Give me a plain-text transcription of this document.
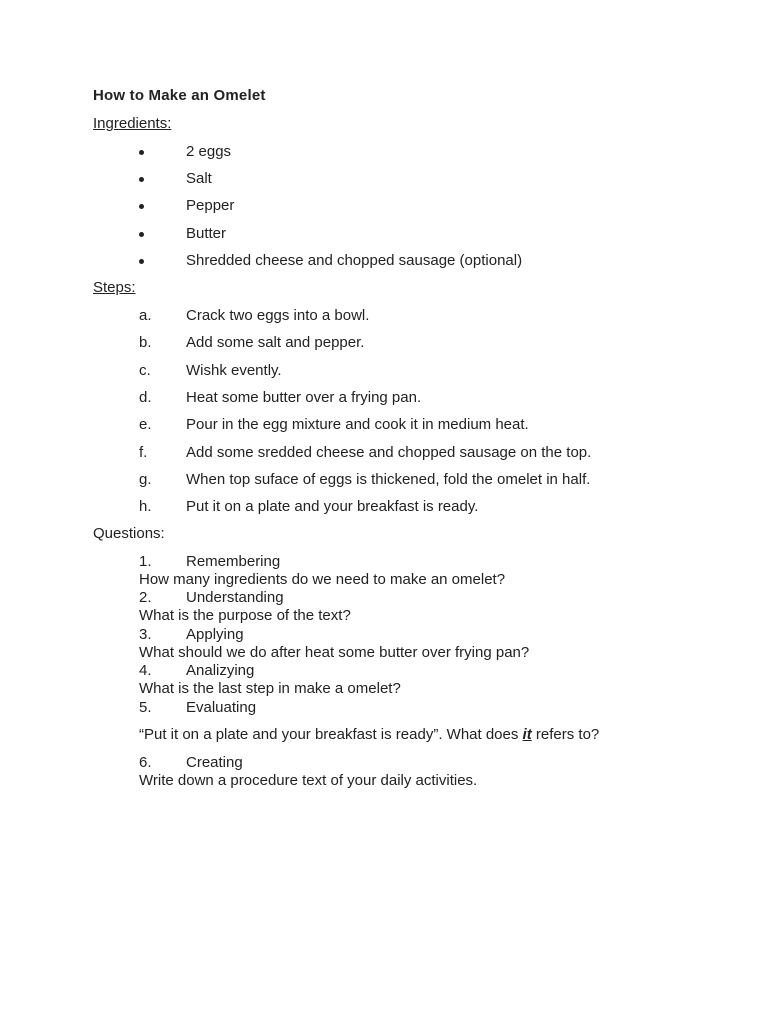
How to Make an Omelet
Ingredients:
2 eggs
Salt
Pepper
Butter
Shredded cheese and chopped sausage (optional)
Steps:
a.	Crack two eggs into a bowl.
b.	Add some salt and pepper.
c.	Wishk evently.
d.	Heat some butter over a frying pan.
e.	Pour in the egg mixture and cook it in medium heat.
f.	Add some sredded cheese and chopped sausage on the top.
g.	When top suface of eggs is thickened, fold the omelet in half.
h.	Put it on a plate and your breakfast is ready.
Questions:
1.	Remembering
How many ingredients do we need to make an omelet?
2.	Understanding
What is the purpose of the text?
3.	Applying
What should we do after heat some butter over frying pan?
4.	Analizying
What is the last step in make a omelet?
5.	Evaluating
“Put it on a plate and your breakfast is ready”. What does it refers to?
6.	Creating
Write down a procedure text of your daily activities.
